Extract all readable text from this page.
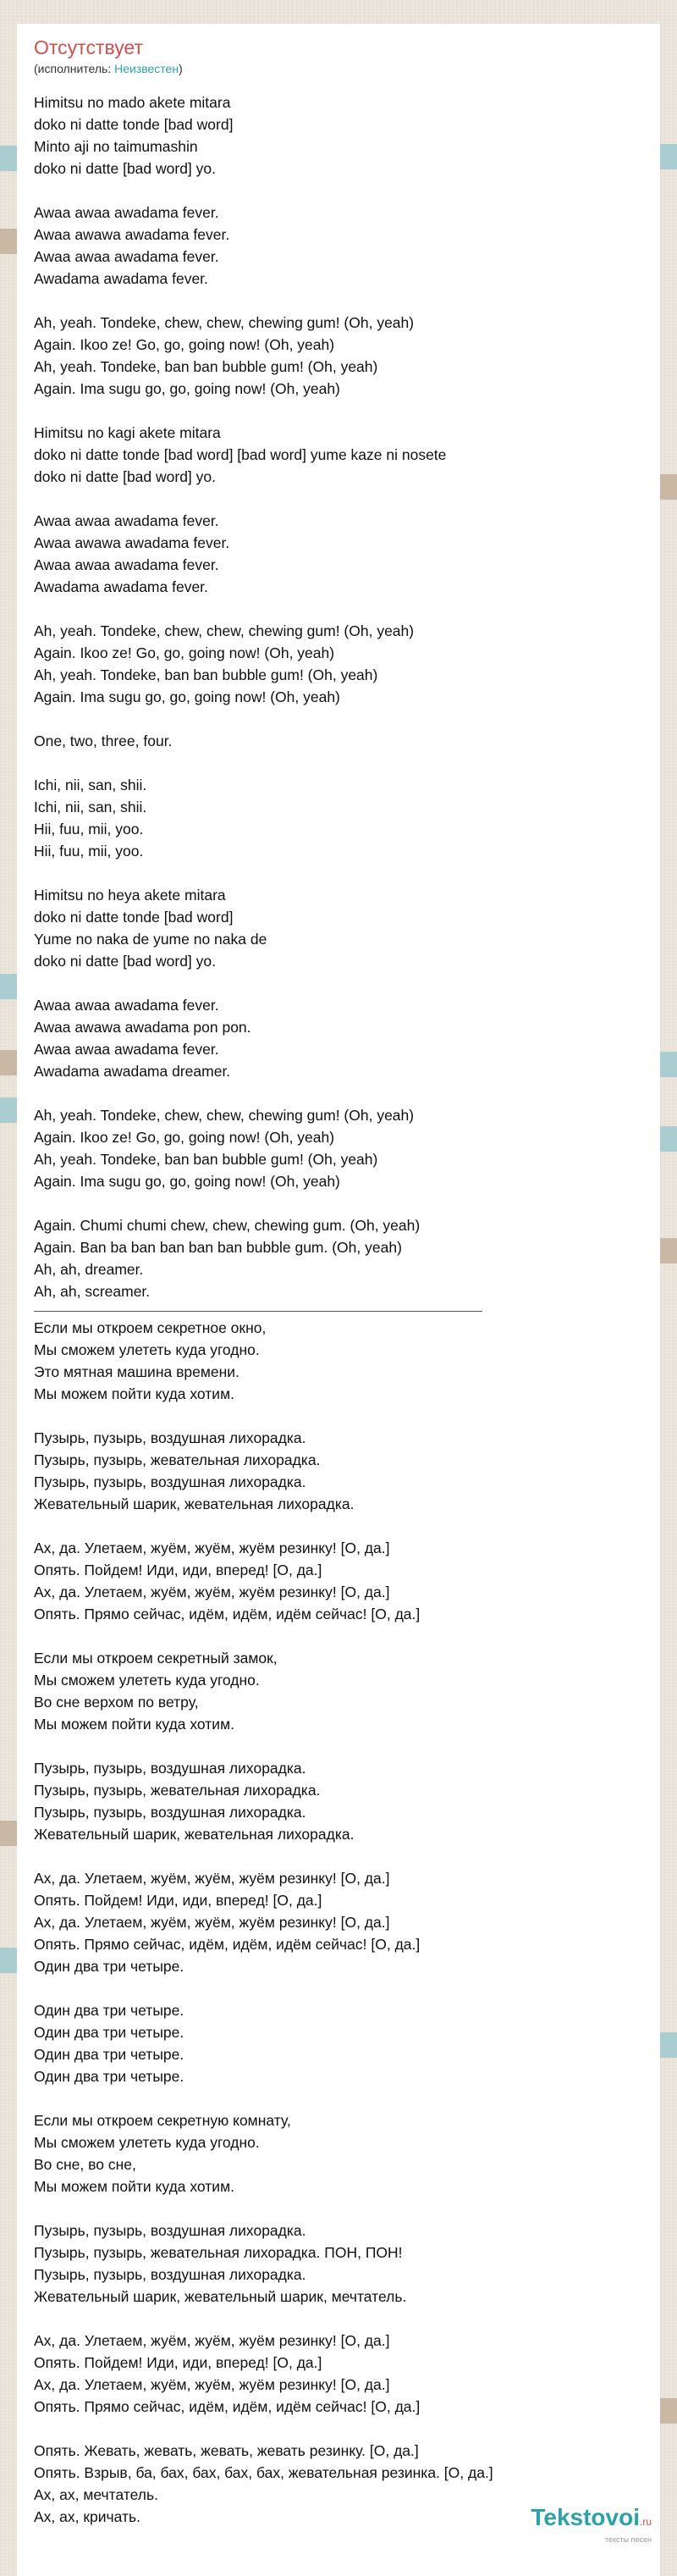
Отсутствует
(исполнитель: Неизвестен)
Himitsu no mado akete mitara
doko ni datte tonde [bad word]
Minto aji no taimumashin
doko ni datte [bad word] yo.
Awaa awaa awadama fever.
Awaa awawa awadama fever.
Awaa awaa awadama fever.
Awadama awadama fever.
Ah, yeah. Tondeke, chew, chew, chewing gum! (Oh, yeah)
Again. Ikoo ze! Go, go, going now! (Oh, yeah)
Ah, yeah. Tondeke, ban ban bubble gum! (Oh, yeah)
Again. Ima sugu go, go, going now! (Oh, yeah)
Himitsu no kagi akete mitara
doko ni datte tonde [bad word] [bad word] yume kaze ni nosete
doko ni datte [bad word] yo.
Awaa awaa awadama fever.
Awaa awawa awadama fever.
Awaa awaa awadama fever.
Awadama awadama fever.
Ah, yeah. Tondeke, chew, chew, chewing gum! (Oh, yeah)
Again. Ikoo ze! Go, go, going now! (Oh, yeah)
Ah, yeah. Tondeke, ban ban bubble gum! (Oh, yeah)
Again. Ima sugu go, go, going now! (Oh, yeah)
One, two, three, four.
Ichi, nii, san, shii.
Ichi, nii, san, shii.
Hii, fuu, mii, yoo.
Hii, fuu, mii, yoo.
Himitsu no heya akete mitara
doko ni datte tonde [bad word]
Yume no naka de yume no naka de
doko ni datte [bad word] yo.
Awaa awaa awadama fever.
Awaa awawa awadama pon pon.
Awaa awaa awadama fever.
Awadama awadama dreamer.
Ah, yeah. Tondeke, chew, chew, chewing gum! (Oh, yeah)
Again. Ikoo ze! Go, go, going now! (Oh, yeah)
Ah, yeah. Tondeke, ban ban bubble gum! (Oh, yeah)
Again. Ima sugu go, go, going now! (Oh, yeah)
Again. Chumi chumi chew, chew, chewing gum. (Oh, yeah)
Again. Ban ba ban ban ban ban bubble gum. (Oh, yeah)
Ah, ah, dreamer.
Ah, ah, screamer.
Если мы откроем секретное окно,
Мы сможем улететь куда угодно.
Это мятная машина времени.
Мы можем пойти куда хотим.
Пузырь, пузырь, воздушная лихорадка.
Пузырь, пузырь, жевательная лихорадка.
Пузырь, пузырь, воздушная лихорадка.
Жевательный шарик, жевательная лихорадка.
Ах, да. Улетаем, жуём, жуём, жуём резинку! [О, да.]
Опять. Пойдем! Иди, иди, вперед! [О, да.]
Ах, да. Улетаем, жуём, жуём, жуём резинку! [О, да.]
Опять. Прямо сейчас, идём, идём, идём сейчас! [О, да.]
Если мы откроем секретный замок,
Мы сможем улететь куда угодно.
Во сне верхом по ветру,
Мы можем пойти куда хотим.
Пузырь, пузырь, воздушная лихорадка.
Пузырь, пузырь, жевательная лихорадка.
Пузырь, пузырь, воздушная лихорадка.
Жевательный шарик, жевательная лихорадка.
Ах, да. Улетаем, жуём, жуём, жуём резинку! [О, да.]
Опять. Пойдем! Иди, иди, вперед! [О, да.]
Ах, да. Улетаем, жуём, жуём, жуём резинку! [О, да.]
Опять. Прямо сейчас, идём, идём, идём сейчас! [О, да.]
Один два три четыре.
Один два три четыре.
Один два три четыре.
Один два три четыре.
Один два три четыре.
Если мы откроем секретную комнату,
Мы сможем улететь куда угодно.
Во сне, во сне,
Мы можем пойти куда хотим.
Пузырь, пузырь, воздушная лихорадка.
Пузырь, пузырь, жевательная лихорадка. ПОН, ПОН!
Пузырь, пузырь, воздушная лихорадка.
Жевательный шарик, жевательный шарик, мечтатель.
Ах, да. Улетаем, жуём, жуём, жуём резинку! [О, да.]
Опять. Пойдем! Иди, иди, вперед! [О, да.]
Ах, да. Улетаем, жуём, жуём, жуём резинку! [О, да.]
Опять. Прямо сейчас, идём, идём, идём сейчас! [О, да.]
Опять. Жевать, жевать, жевать, жевать резинку. [О, да.]
Опять. Взрыв, ба, бах, бах, бах, бах, жевательная резинка. [О, да.]
Ах, ах, мечтатель.
Ах, ах, кричать.	Tekstovoi.ru
тексты песен
